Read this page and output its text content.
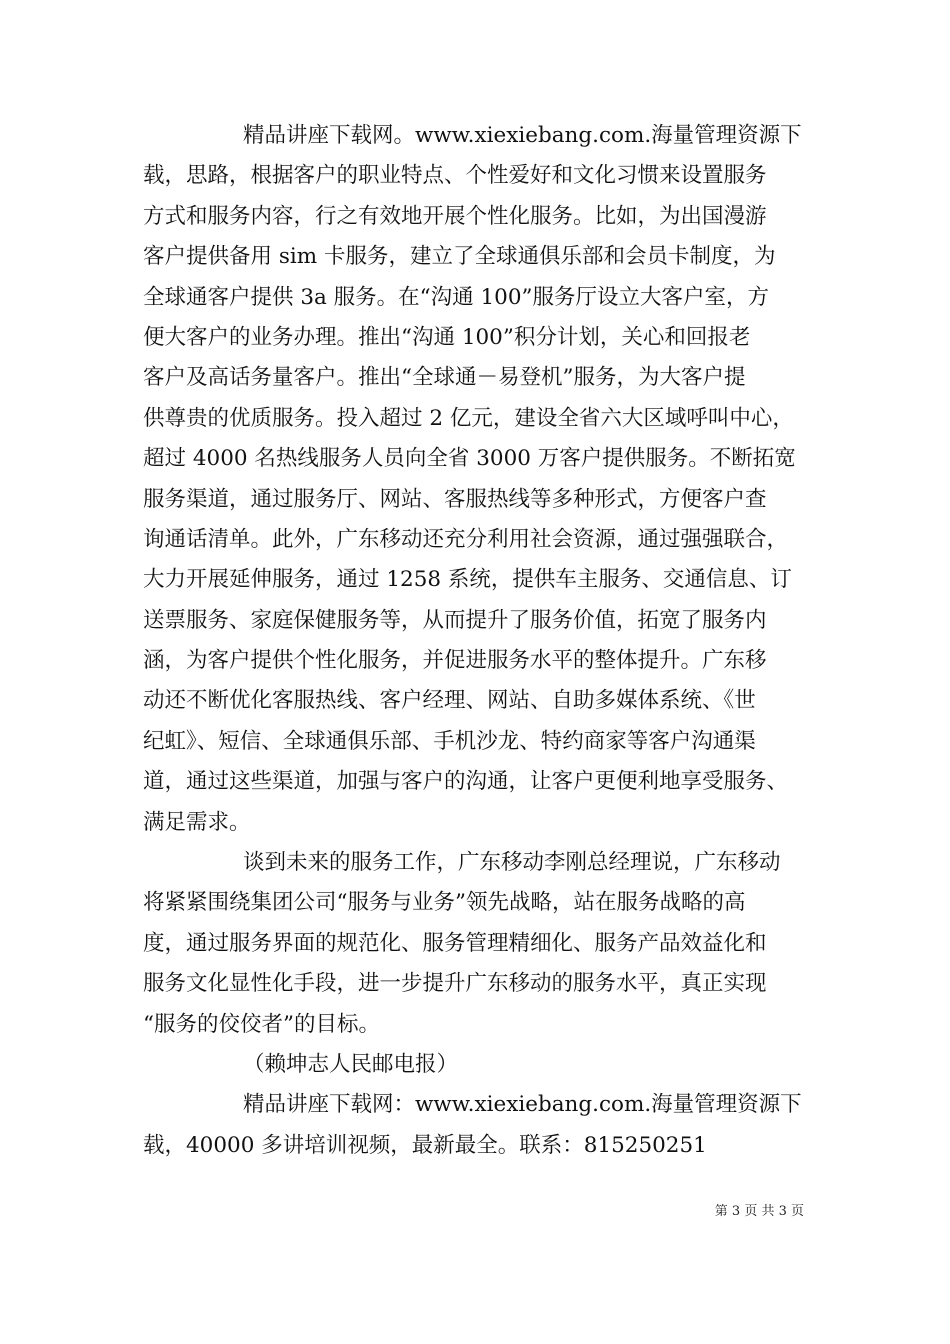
精品讲座下载网。www.xiexiebang.com.海量管理资源下
载，思路，根据客户的职业特点、个性爱好和文化习惯来设置服务
方式和服务内容，行之有效地开展个性化服务。比如，为出国漫游
客户提供备用 sim 卡服务，建立了全球通俱乐部和会员卡制度，为
全球通客户提供 3a 服务。在“沟通 100”服务厅设立大客户室，方
便大客户的业务办理。推出“沟通 100”积分计划，关心和回报老
客户及高话务量客户。推出“全球通－易登机”服务，为大客户提
供尊贵的优质服务。投入超过 2 亿元，建设全省六大区域呼叫中心，
超过 4000 名热线服务人员向全省 3000 万客户提供服务。不断拓宽
服务渠道，通过服务厅、网站、客服热线等多种形式，方便客户查
询通话清单。此外，广东移动还充分利用社会资源，通过强强联合，
大力开展延伸服务，通过 1258 系统，提供车主服务、交通信息、订
送票服务、家庭保健服务等，从而提升了服务价值，拓宽了服务内
涵，为客户提供个性化服务，并促进服务水平的整体提升。广东移
动还不断优化客服热线、客户经理、网站、自助多媒体系统、《世
纪虹》、短信、全球通俱乐部、手机沙龙、特约商家等客户沟通渠
道，通过这些渠道，加强与客户的沟通，让客户更便利地享受服务、
满足需求。
谈到未来的服务工作，广东移动李刚总经理说，广东移动
将紧紧围绕集团公司“服务与业务”领先战略，站在服务战略的高
度，通过服务界面的规范化、服务管理精细化、服务产品效益化和
服务文化显性化手段，进一步提升广东移动的服务水平，真正实现
“服务的佼佼者”的目标。
（赖坤志人民邮电报）
精品讲座下载网：www.xiexiebang.com.海量管理资源下
载，40000 多讲培训视频，最新最全。联系：815250251
第 3 页 共 3 页
